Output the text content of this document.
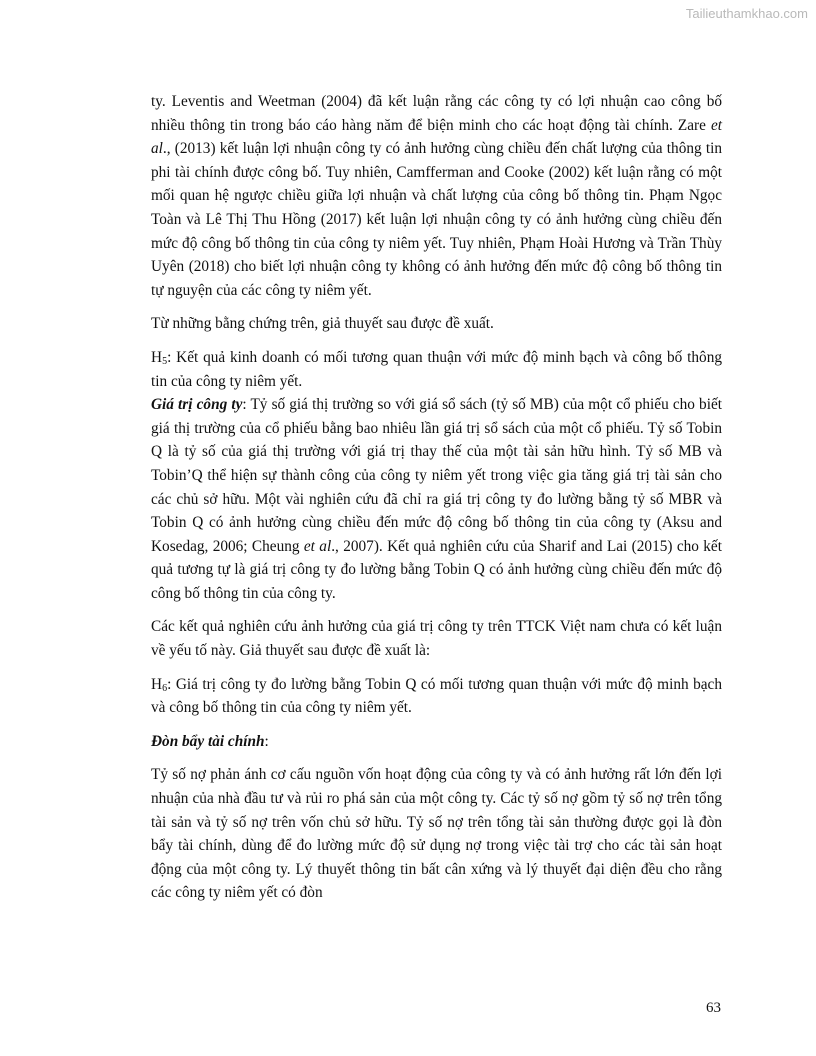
Tailieuthamkhao.com

ty. Leventis and Weetman (2004) đã kết luận rằng các công ty có lợi nhuận cao công bố nhiều thông tin trong báo cáo hàng năm để biện minh cho các hoạt động tài chính. Zare et al., (2013) kết luận lợi nhuận công ty có ảnh hưởng cùng chiều đến chất lượng của thông tin phi tài chính được công bố. Tuy nhiên, Camfferman and Cooke (2002) kết luận rằng có một mối quan hệ ngược chiều giữa lợi nhuận và chất lượng của công bố thông tin. Phạm Ngọc Toàn và Lê Thị Thu Hồng (2017) kết luận lợi nhuận công ty có ảnh hưởng cùng chiều đến mức độ công bố thông tin của công ty niêm yết. Tuy nhiên, Phạm Hoài Hương và Trần Thùy Uyên (2018) cho biết lợi nhuận công ty không có ảnh hưởng đến mức độ công bố thông tin tự nguyện của các công ty niêm yết.

Từ những bằng chứng trên, giả thuyết sau được đề xuất.

$H_5$: Kết quả kinh doanh có mối tương quan thuận với mức độ minh bạch và công bố thông tin của công ty niêm yết.

Giá trị công ty: Tỷ số giá thị trường so với giá sổ sách (tỷ số MB) của một cổ phiếu cho biết giá thị trường của cổ phiếu bằng bao nhiêu lần giá trị sổ sách của một cổ phiếu. Tỷ số Tobin Q là tỷ số của giá thị trường với giá trị thay thế của một tài sản hữu hình. Tỷ số MB và Tobin’Q thể hiện sự thành công của công ty niêm yết trong việc gia tăng giá trị tài sản cho các chủ sở hữu. Một vài nghiên cứu đã chỉ ra giá trị công ty đo lường bằng tỷ số MBR và Tobin Q có ảnh hưởng cùng chiều đến mức độ công bố thông tin của công ty (Aksu and Kosedag, 2006; Cheung et al., 2007). Kết quả nghiên cứu của Sharif and Lai (2015) cho kết quả tương tự là giá trị công ty đo lường bằng Tobin Q có ảnh hưởng cùng chiều đến mức độ công bố thông tin của công ty.

Các kết quả nghiên cứu ảnh hưởng của giá trị công ty trên TTCK Việt nam chưa có kết luận về yếu tố này. Giả thuyết sau được đề xuất là:

$H_6$: Giá trị công ty đo lường bằng Tobin Q có mối tương quan thuận với mức độ minh bạch và công bố thông tin của công ty niêm yết.

Đòn bẩy tài chính:

Tỷ số nợ phản ánh cơ cấu nguồn vốn hoạt động của công ty và có ảnh hưởng rất lớn đến lợi nhuận của nhà đầu tư và rủi ro phá sản của một công ty. Các tỷ số nợ gồm tỷ số nợ trên tổng tài sản và tỷ số nợ trên vốn chủ sở hữu. Tỷ số nợ trên tổng tài sản thường được gọi là đòn bẩy tài chính, dùng để đo lường mức độ sử dụng nợ trong việc tài trợ cho các tài sản hoạt động của một công ty. Lý thuyết thông tin bất cân xứng và lý thuyết đại diện đều cho rằng các công ty niêm yết có đòn

63
